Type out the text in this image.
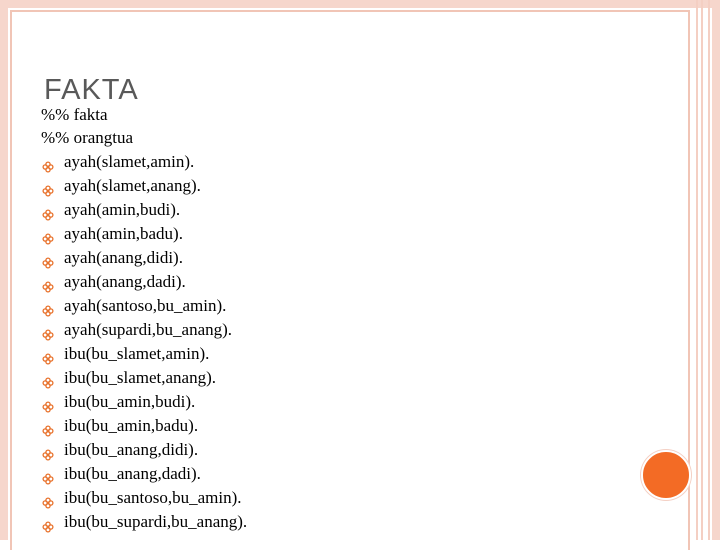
FAKTA
%% fakta
%% orangtua
ayah(slamet,amin).
ayah(slamet,anang).
ayah(amin,budi).
ayah(amin,badu).
ayah(anang,didi).
ayah(anang,dadi).
ayah(santoso,bu_amin).
ayah(supardi,bu_anang).
ibu(bu_slamet,amin).
ibu(bu_slamet,anang).
ibu(bu_amin,budi).
ibu(bu_amin,badu).
ibu(bu_anang,didi).
ibu(bu_anang,dadi).
ibu(bu_santoso,bu_amin).
ibu(bu_supardi,bu_anang).
